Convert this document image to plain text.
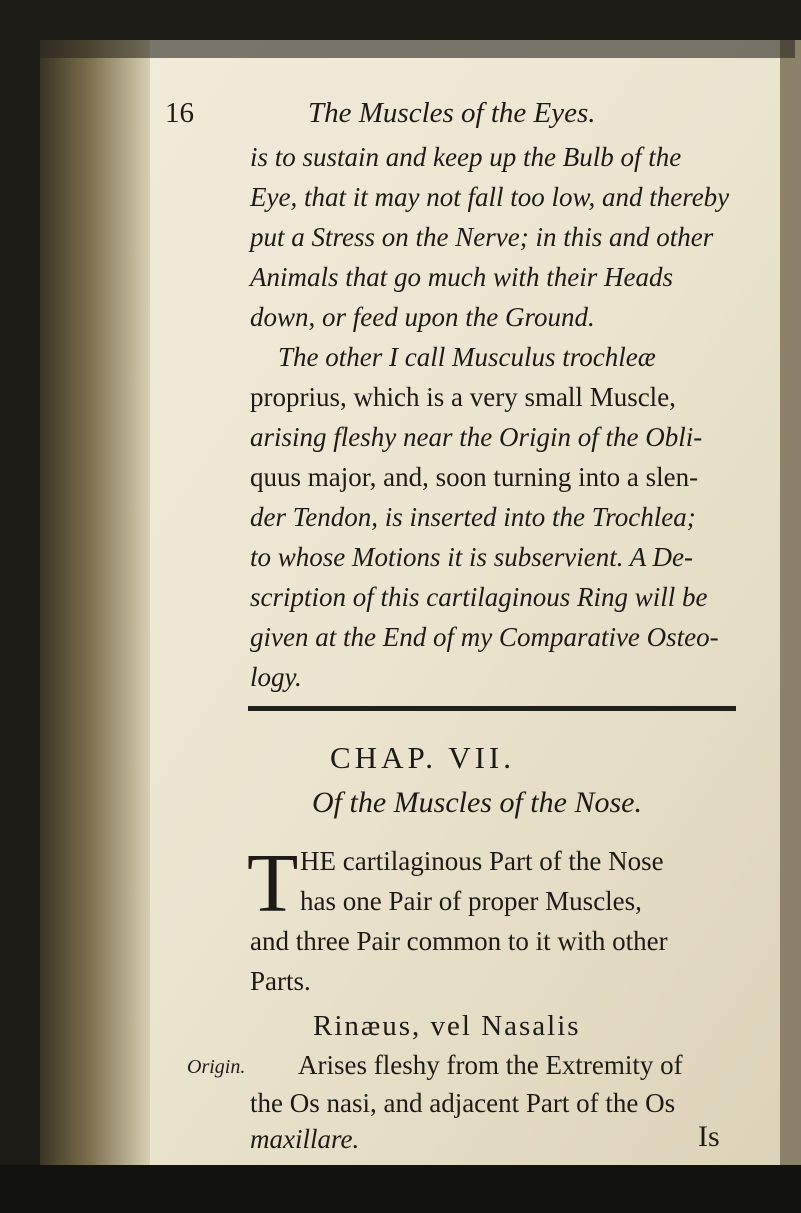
16	The Muscles of the Eyes.
is to sustain and keep up the Bulb of the
Eye, that it may not fall too low, and thereby
put a Stress on the Nerve; in this and other
Animals that go much with their Heads
down, or feed upon the Ground.
The other I call Musculus trochleæ
proprius, which is a very small Muscle,
arising fleshy near the Origin of the Obli-
quus major, and, soon turning into a slen-
der Tendon, is inserted into the Trochlea;
to whose Motions it is subservient. A De-
scription of this cartilaginous Ring will be
CHAP. VII.
Of the Muscles of the Nose.
T HE cartilaginous Part of the Nose
has one Pair of proper Muscles,
and three Pair common to it with other
Parts.
Rinæus, vel Nasalis
Origin. Arises fleshy from the Extremity of
the Os nasi, and adjacent Part of the Os
maxillare.	Is
given at the End of my Comparative Osteo-
logy.
